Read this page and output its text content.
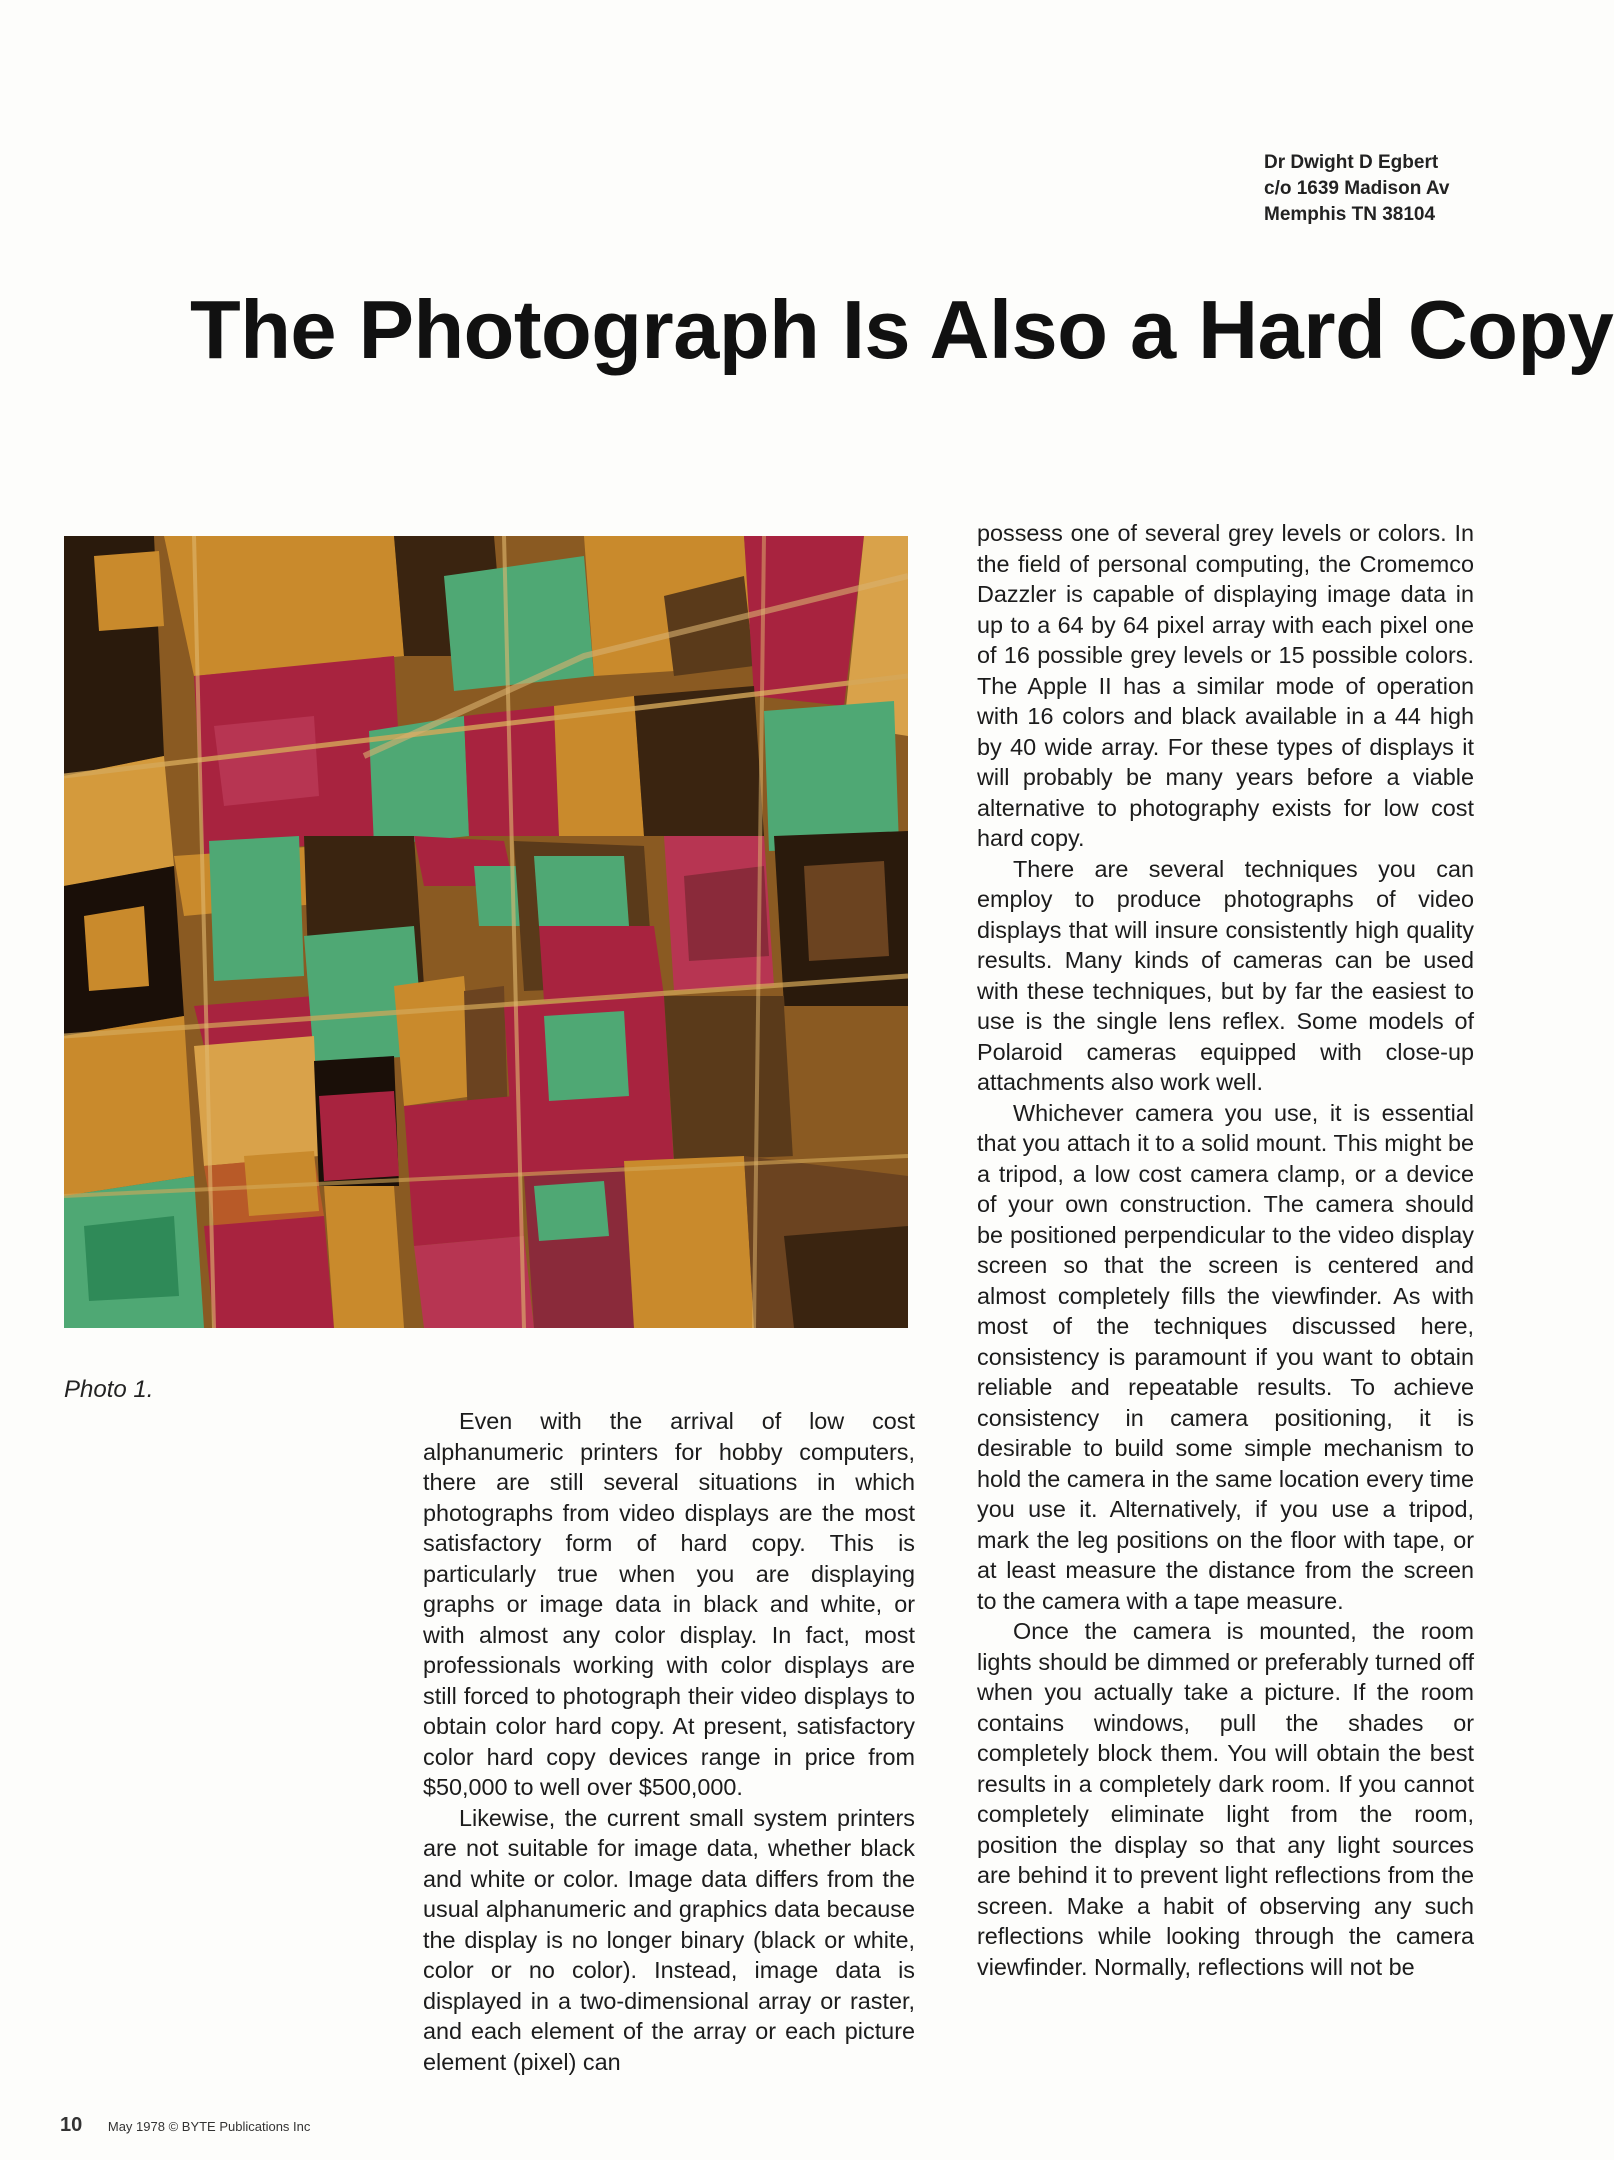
Dr Dwight D Egbert
c/o 1639 Madison Av
Memphis TN 38104
The Photograph Is Also a Hard Copy
Photo 1.

Even with the arrival of low cost alphanumeric printers for hobby computers, there are still several situations in which photographs from video displays are the most satisfactory form of hard copy. This is particularly true when you are displaying graphs or image data in black and white, or with almost any color display. In fact, most professionals working with color displays are still forced to photograph their video displays to obtain color hard copy. At present, satisfactory color hard copy devices range in price from $50,000 to well over $500,000.

Likewise, the current small system printers are not suitable for image data, whether black and white or color. Image data differs from the usual alphanumeric and graphics data because the display is no longer binary (black or white, color or no color). Instead, image data is displayed in a two-dimensional array or raster, and each element of the array or each picture element (pixel) can

possess one of several grey levels or colors. In the field of personal computing, the Cromemco Dazzler is capable of displaying image data in up to a 64 by 64 pixel array with each pixel one of 16 possible grey levels or 15 possible colors. The Apple II has a similar mode of operation with 16 colors and black available in a 44 high by 40 wide array. For these types of displays it will probably be many years before a viable alternative to photography exists for low cost hard copy.

There are several techniques you can employ to produce photographs of video displays that will insure consistently high quality results. Many kinds of cameras can be used with these techniques, but by far the easiest to use is the single lens reflex. Some models of Polaroid cameras equipped with close-up attachments also work well.

Whichever camera you use, it is essential that you attach it to a solid mount. This might be a tripod, a low cost camera clamp, or a device of your own construction. The camera should be positioned perpendicular to the video display screen so that the screen is centered and almost completely fills the viewfinder. As with most of the techniques discussed here, consistency is paramount if you want to obtain reliable and repeatable results. To achieve consistency in camera positioning, it is desirable to build some simple mechanism to hold the camera in the same location every time you use it. Alternatively, if you use a tripod, mark the leg positions on the floor with tape, or at least measure the distance from the screen to the camera with a tape measure.

Once the camera is mounted, the room lights should be dimmed or preferably turned off when you actually take a picture. If the room contains windows, pull the shades or completely block them. You will obtain the best results in a completely dark room. If you cannot completely eliminate light from the room, position the display so that any light sources are behind it to prevent light reflections from the screen. Make a habit of observing any such reflections while looking through the camera viewfinder. Normally, reflections will not be

10 May 1978 © BYTE Publications Inc
